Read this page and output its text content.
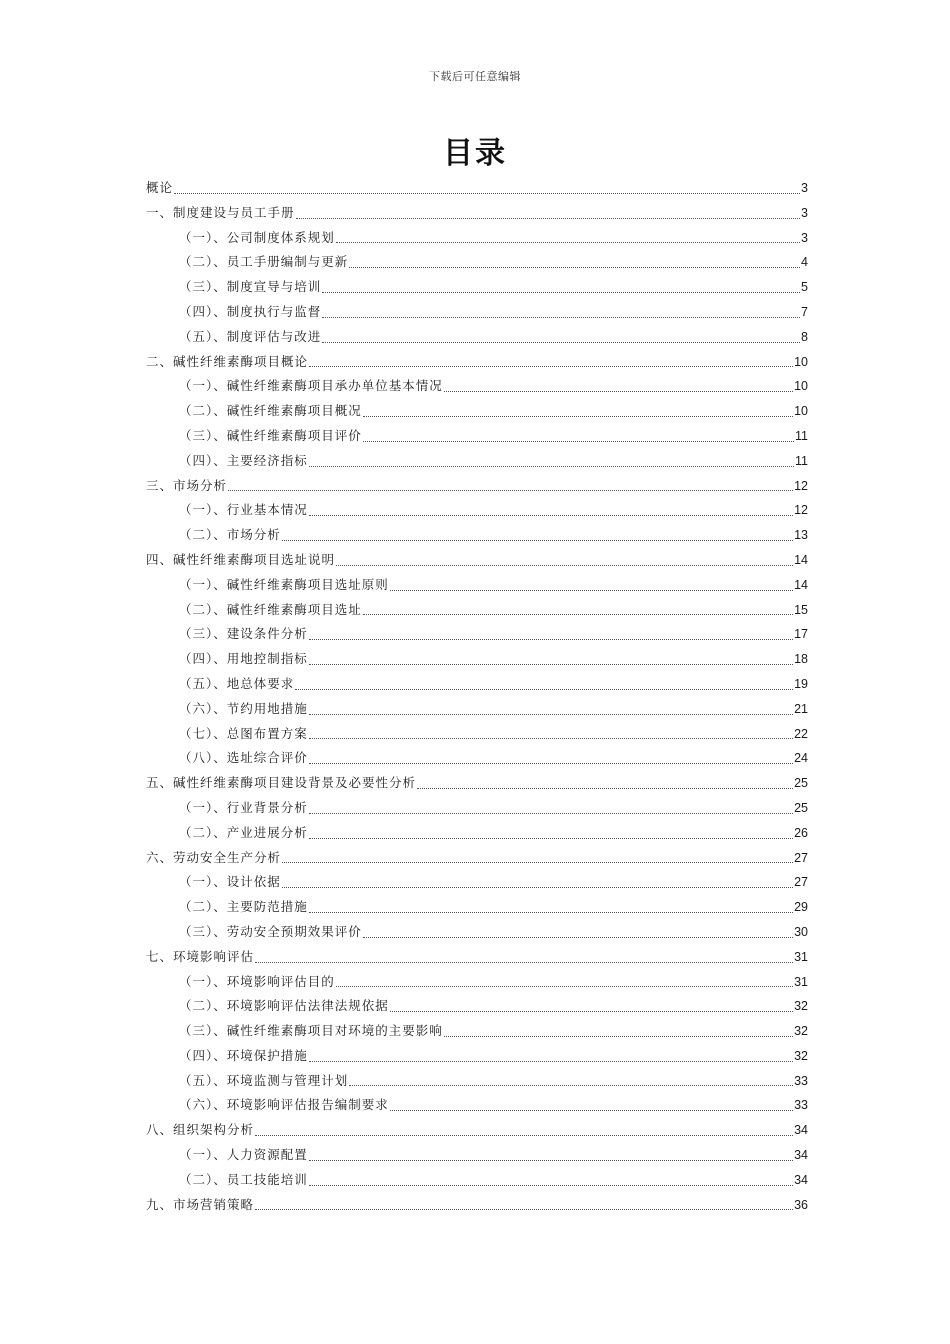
下载后可任意编辑
目录
概论	3
一、制度建设与员工手册	3
（一）、公司制度体系规划	3
（二）、员工手册编制与更新	4
（三）、制度宣导与培训	5
（四）、制度执行与监督	7
（五）、制度评估与改进	8
二、碱性纤维素酶项目概论	10
（一）、碱性纤维素酶项目承办单位基本情况	10
（二）、碱性纤维素酶项目概况	10
（三）、碱性纤维素酶项目评价	11
（四）、主要经济指标	11
三、市场分析	12
（一）、行业基本情况	12
（二）、市场分析	13
四、碱性纤维素酶项目选址说明	14
（一）、碱性纤维素酶项目选址原则	14
（二）、碱性纤维素酶项目选址	15
（三）、建设条件分析	17
（四）、用地控制指标	18
（五）、地总体要求	19
（六）、节约用地措施	21
（七）、总图布置方案	22
（八）、选址综合评价	24
五、碱性纤维素酶项目建设背景及必要性分析	25
（一）、行业背景分析	25
（二）、产业进展分析	26
六、劳动安全生产分析	27
（一）、设计依据	27
（二）、主要防范措施	29
（三）、劳动安全预期效果评价	30
七、环境影响评估	31
（一）、环境影响评估目的	31
（二）、环境影响评估法律法规依据	32
（三）、碱性纤维素酶项目对环境的主要影响	32
（四）、环境保护措施	32
（五）、环境监测与管理计划	33
（六）、环境影响评估报告编制要求	33
八、组织架构分析	34
（一）、人力资源配置	34
（二）、员工技能培训	34
九、市场营销策略	36
